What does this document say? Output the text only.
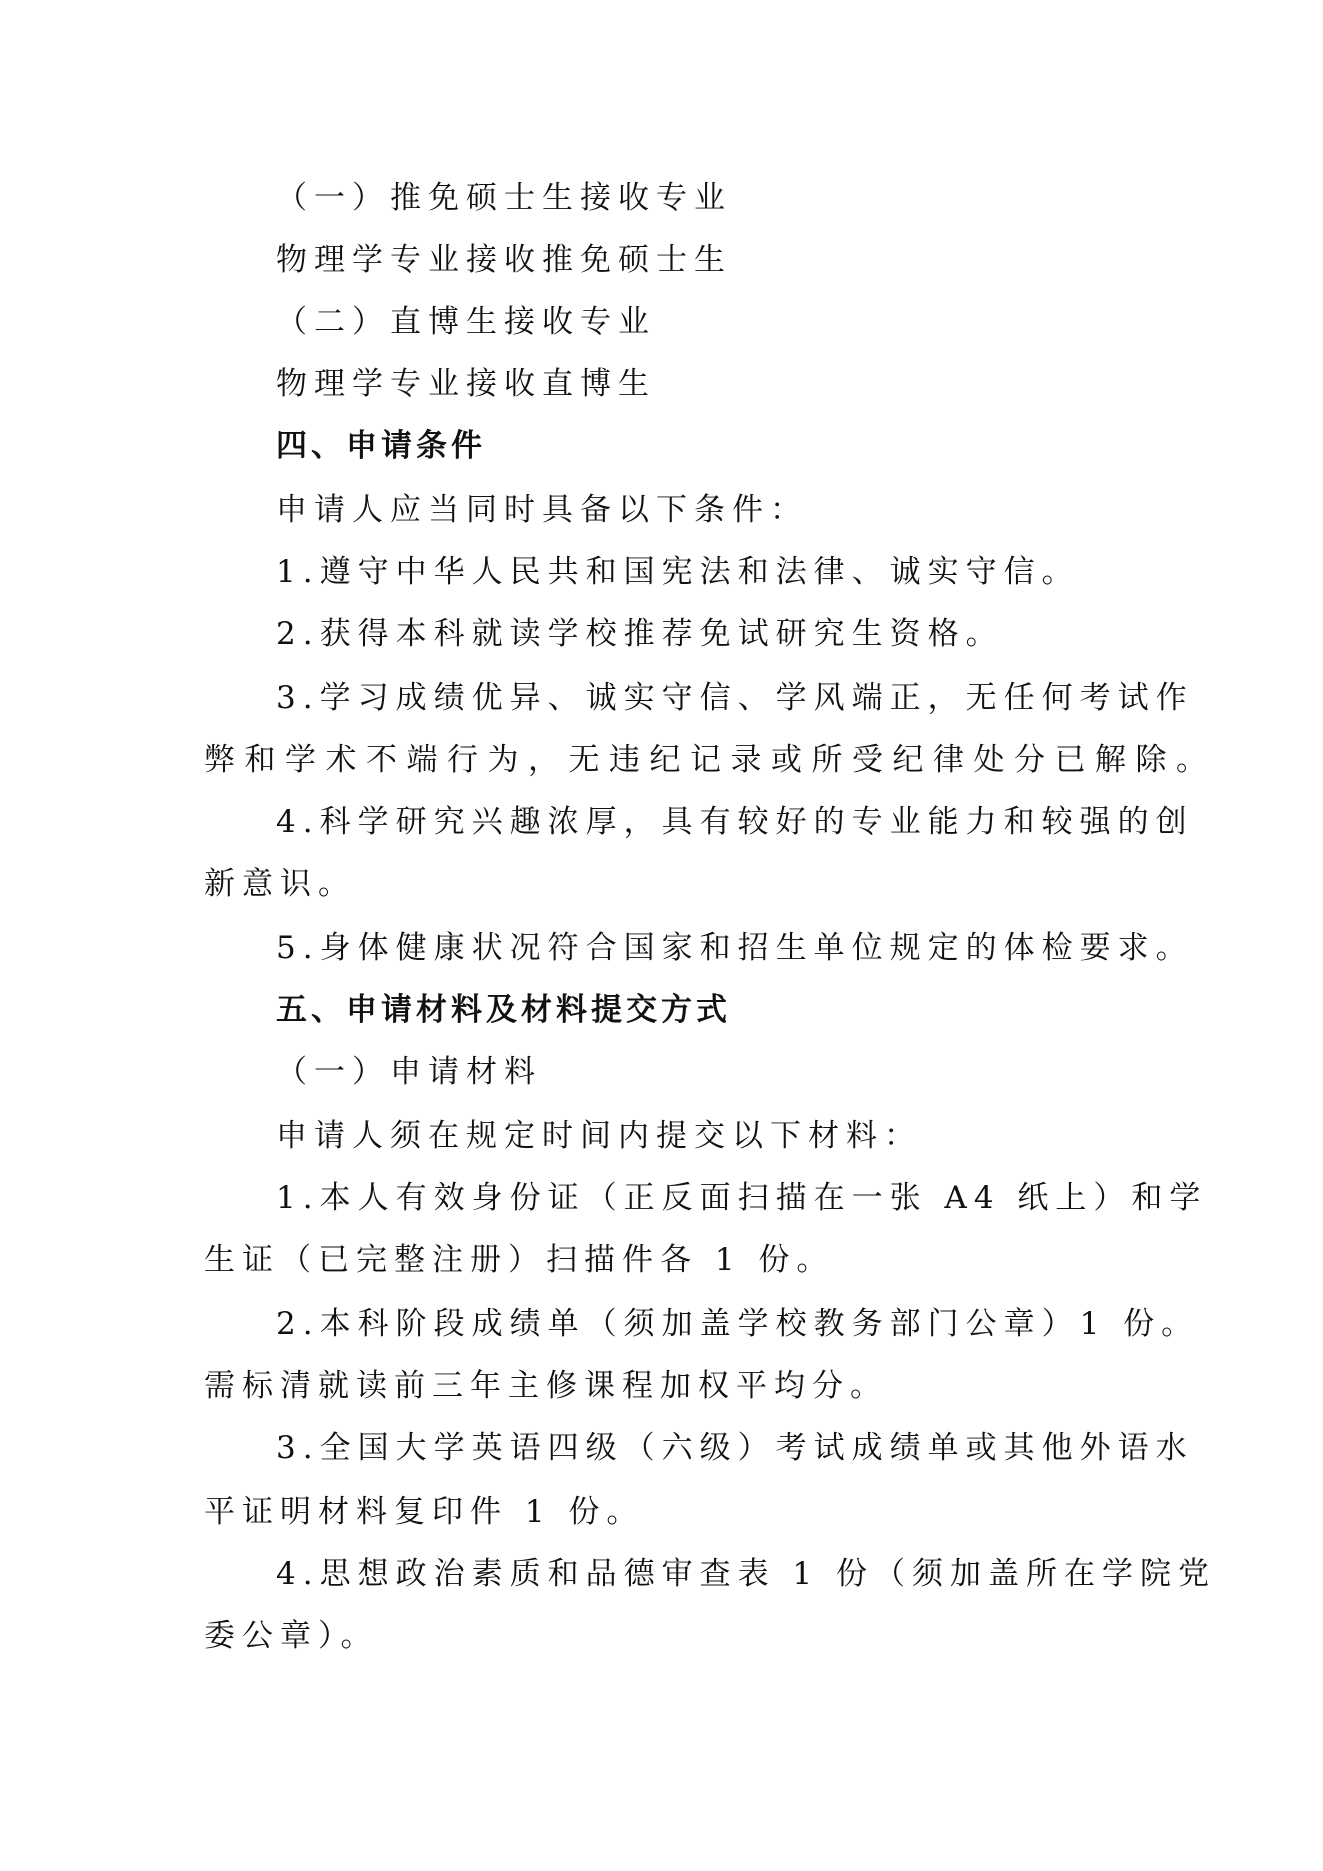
（一）推免硕士生接收专业
物理学专业接收推免硕士生
（二）直博生接收专业
物理学专业接收直博生
四、申请条件
申请人应当同时具备以下条件：
1.遵守中华人民共和国宪法和法律、诚实守信。
2.获得本科就读学校推荐免试研究生资格。
3.学习成绩优异、诚实守信、学风端正，无任何考试作
弊和学术不端行为，无违纪记录或所受纪律处分已解除。
4.科学研究兴趣浓厚，具有较好的专业能力和较强的创
新意识。
5.身体健康状况符合国家和招生单位规定的体检要求。
五、申请材料及材料提交方式
（一）申请材料
申请人须在规定时间内提交以下材料：
1.本人有效身份证（正反面扫描在一张 A4 纸上）和学
生证（已完整注册）扫描件各 1 份。
2.本科阶段成绩单（须加盖学校教务部门公章）1 份。
需标清就读前三年主修课程加权平均分。
3.全国大学英语四级（六级）考试成绩单或其他外语水
平证明材料复印件 1 份。
4.思想政治素质和品德审查表 1 份（须加盖所在学院党
委公章）。
